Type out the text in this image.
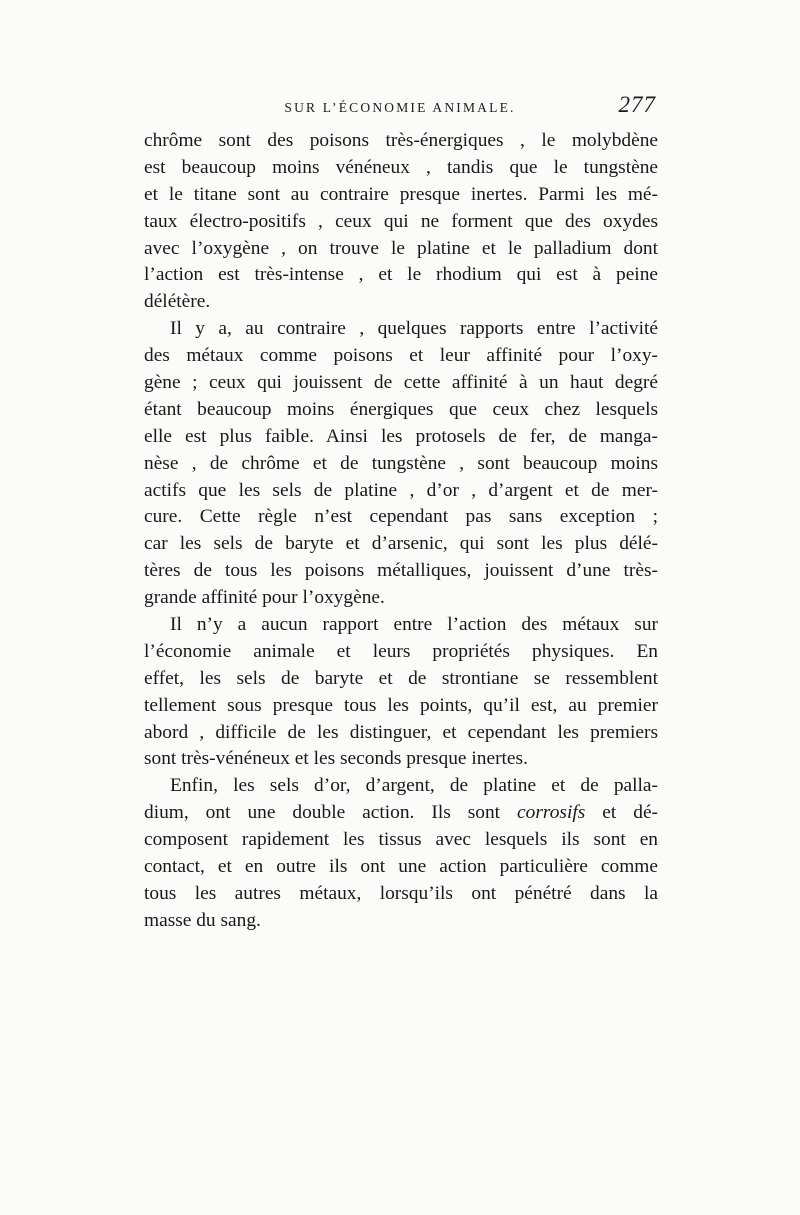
SUR L’ÉCONOMIE ANIMALE.	277

chrôme sont des poisons très-énergiques , le molybdène
est beaucoup moins vénéneux , tandis que le tungstène
et le titane sont au contraire presque inertes. Parmi les mé-
taux électro-positifs , ceux qui ne forment que des oxydes
avec l’oxygène , on trouve le platine et le palladium dont
l’action est très-intense , et le rhodium qui est à peine
délétère.

Il y a, au contraire , quelques rapports entre l’activité
des métaux comme poisons et leur affinité pour l’oxy-
gène ; ceux qui jouissent de cette affinité à un haut degré
étant beaucoup moins énergiques que ceux chez lesquels
elle est plus faible. Ainsi les protosels de fer, de manga-
nèse , de chrôme et de tungstène , sont beaucoup moins
actifs que les sels de platine , d’or , d’argent et de mer-
cure. Cette règle n’est cependant pas sans exception ;
car les sels de baryte et d’arsenic, qui sont les plus délé-
tères de tous les poisons métalliques, jouissent d’une très-
grande affinité pour l’oxygène.

Il n’y a aucun rapport entre l’action des métaux sur
l’économie animale et leurs propriétés physiques. En
effet, les sels de baryte et de strontiane se ressemblent
tellement sous presque tous les points, qu’il est, au premier
abord , difficile de les distinguer, et cependant les premiers
sont très-vénéneux et les seconds presque inertes.

Enfin, les sels d’or, d’argent, de platine et de palla-
dium, ont une double action. Ils sont corrosifs et dé-
composent rapidement les tissus avec lesquels ils sont en
contact, et en outre ils ont une action particulière comme
tous les autres métaux, lorsqu’ils ont pénétré dans la
masse du sang.
